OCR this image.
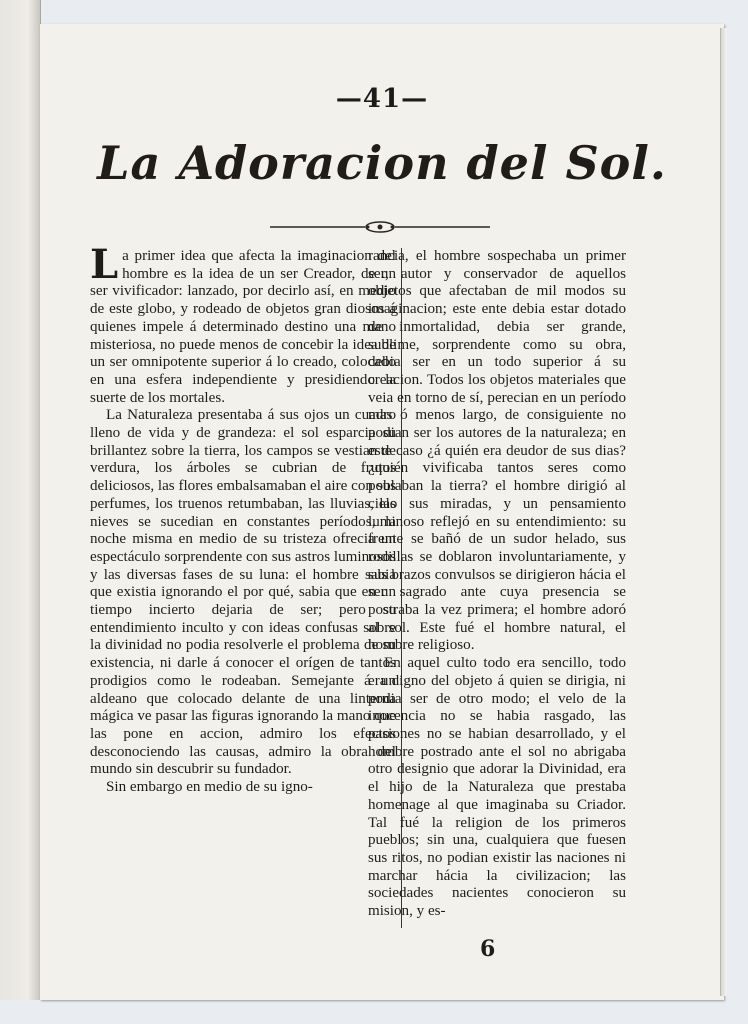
—41—
La Adoracion del Sol.

La primer idea que afecta la imaginacion del hombre es la idea de un ser Creador, de un ser vivificador: lanzado, por decirlo así, en medio de este globo, y rodeado de objetos gran diosos á quienes impele á determinado destino una mano misteriosa, no puede menos de concebir la idea de un ser omnipotente superior á lo creado, colocado en una esfera independiente y presidiendo la suerte de los mortales.

La Naturaleza presentaba á sus ojos un cuadro lleno de vida y de grandeza: el sol esparcia su brillantez sobre la tierra, los campos se vestian de verdura, los árboles se cubrian de frutos deliciosos, las flores embalsamaban el aire con sus perfumes, los truenos retumbaban, las lluvias, las nieves se sucedian en constantes períodos, la noche misma en medio de su tristeza ofrecia un espectáculo sorprendente con sus astros luminosos y las diversas fases de su luna: el hombre sabia que existia ignorando el por qué, sabia que en un tiempo incierto dejaria de ser; pero su entendimiento inculto y con ideas confusas sobre la divinidad no podia resolverle el problema de su existencia, ni darle á conocer el orígen de tantos prodigios como le rodeaban. Semejante á un aldeano que colocado delante de una linterna mágica ve pasar las figuras ignorando la mano que las pone en accion, admiro los efectos desconociendo las causas, admiro la obra del mundo sin descubrir su fundador.

Sin embargo en medio de su igno-

rancia, el hombre sospechaba un primer ser, autor y conservador de aquellos objetos que afectaban de mil modos su imaginacion; este ente debia estar dotado de inmortalidad, debia ser grande, sublime, sorprendente como su obra, debia ser en un todo superior á su creacion. Todos los objetos materiales que veia en torno de sí, perecian en un período mas ó menos largo, de consiguiente no podian ser los autores de la naturaleza; en este caso ¿á quién era deudor de sus dias? ¿quién vivificaba tantos seres como poblaban la tierra? el hombre dirigió al cielo sus miradas, y un pensamiento luminoso reflejó en su entendimiento: su frente se bañó de un sudor helado, sus rodillas se doblaron involuntariamente, y sus brazos convulsos se dirigieron hácia el ser sagrado ante cuya presencia se postraba la vez primera; el hombre adoró al sol. Este fué el hombre natural, el hombre religioso.

En aquel culto todo era sencillo, todo era digno del objeto á quien se dirigia, ni podia ser de otro modo; el velo de la inocencia no se habia rasgado, las pasiones no se habian desarrollado, y el hombre postrado ante el sol no abrigaba otro designio que adorar la Divinidad, era el hijo de la Naturaleza que prestaba homenage al que imaginaba su Criador. Tal fué la religion de los primeros pueblos; sin una, cualquiera que fuesen sus ritos, no podian existir las naciones ni marchar hácia la civilizacion; las sociedades nacientes conocieron su mision, y es-

6
